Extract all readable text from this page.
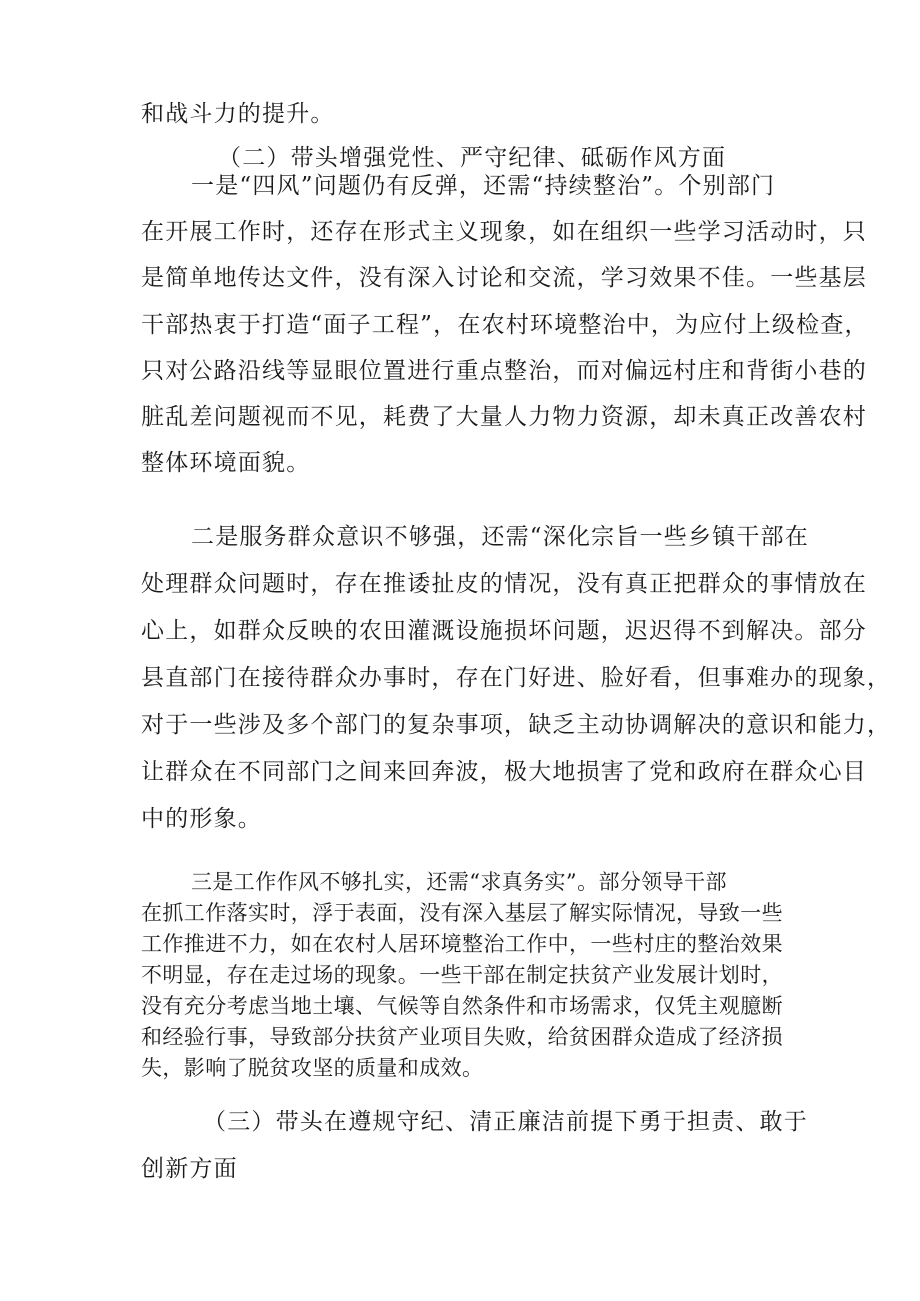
和战斗力的提升。

（二）带头增强党性、严守纪律、砥砺作风方面

一是“四风”问题仍有反弹，还需“持续整治”。个别部门

在开展工作时，还存在形式主义现象，如在组织一些学习活动时，只

是简单地传达文件，没有深入讨论和交流，学习效果不佳。一些基层

干部热衷于打造“面子工程”，在农村环境整治中，为应付上级检查，

只对公路沿线等显眼位置进行重点整治，而对偏远村庄和背街小巷的

脏乱差问题视而不见，耗费了大量人力物力资源，却未真正改善农村

整体环境面貌。

二是服务群众意识不够强，还需“深化宗旨一些乡镇干部在

处理群众问题时，存在推诿扯皮的情况，没有真正把群众的事情放在

心上，如群众反映的农田灌溉设施损坏问题，迟迟得不到解决。部分

县直部门在接待群众办事时，存在门好进、脸好看，但事难办的现象，

对于一些涉及多个部门的复杂事项，缺乏主动协调解决的意识和能力，

让群众在不同部门之间来回奔波，极大地损害了党和政府在群众心目

中的形象。

三是工作作风不够扎实，还需“求真务实”。部分领导干部

在抓工作落实时，浮于表面，没有深入基层了解实际情况，导致一些

工作推进不力，如在农村人居环境整治工作中，一些村庄的整治效果

不明显，存在走过场的现象。一些干部在制定扶贫产业发展计划时，

没有充分考虑当地土壤、气候等自然条件和市场需求，仅凭主观臆断

和经验行事，导致部分扶贫产业项目失败，给贫困群众造成了经济损

失，影响了脱贫攻坚的质量和成效。

（三）带头在遵规守纪、清正廉洁前提下勇于担责、敢于

创新方面
